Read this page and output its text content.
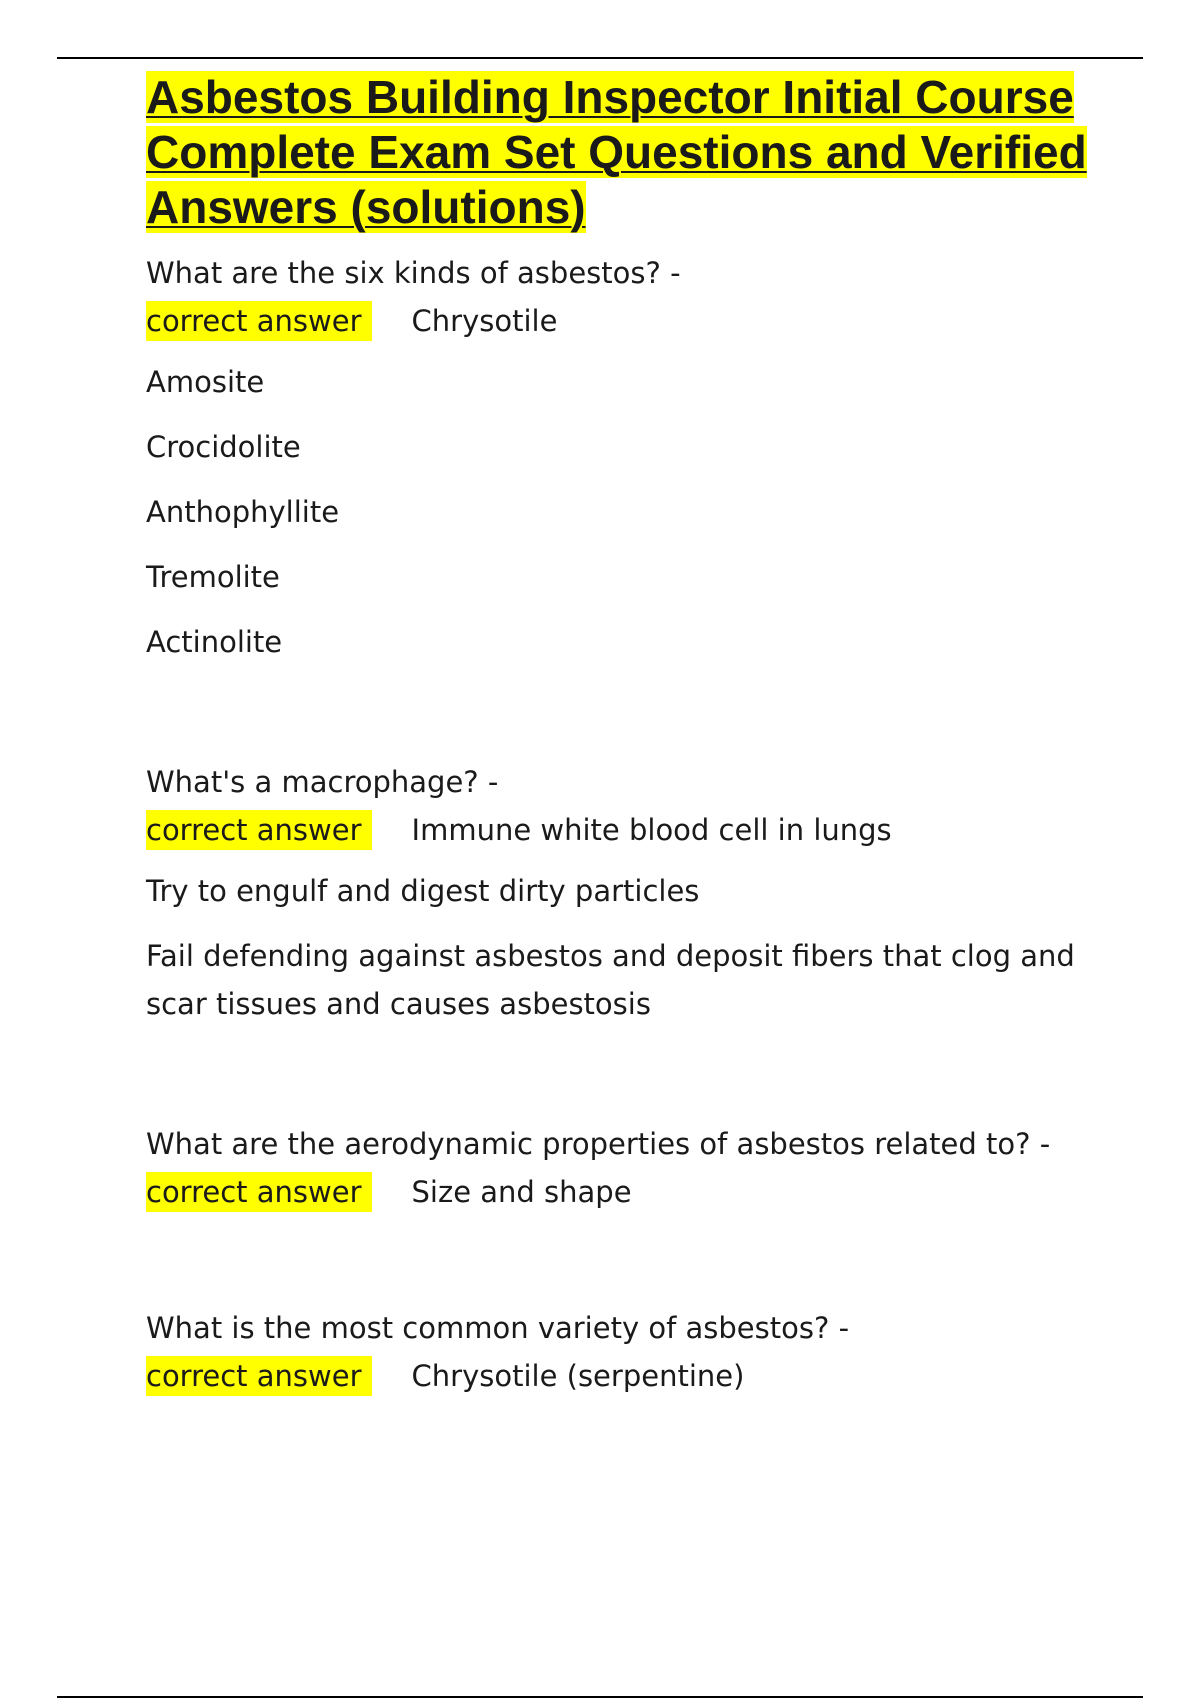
Asbestos Building Inspector Initial Course Complete Exam Set Questions and Verified Answers (solutions)

What are the six kinds of asbestos? -

correct answer	Chrysotile

Amosite

Crocidolite

Anthophyllite

Tremolite

Actinolite

What's a macrophage? -

correct answer	Immune white blood cell in lungs

Try to engulf and digest dirty particles

Fail defending against asbestos and deposit fibers that clog and scar tissues and causes asbestosis

What are the aerodynamic properties of asbestos related to? -

correct answer	Size and shape

What is the most common variety of asbestos? -

correct answer	Chrysotile (serpentine)
